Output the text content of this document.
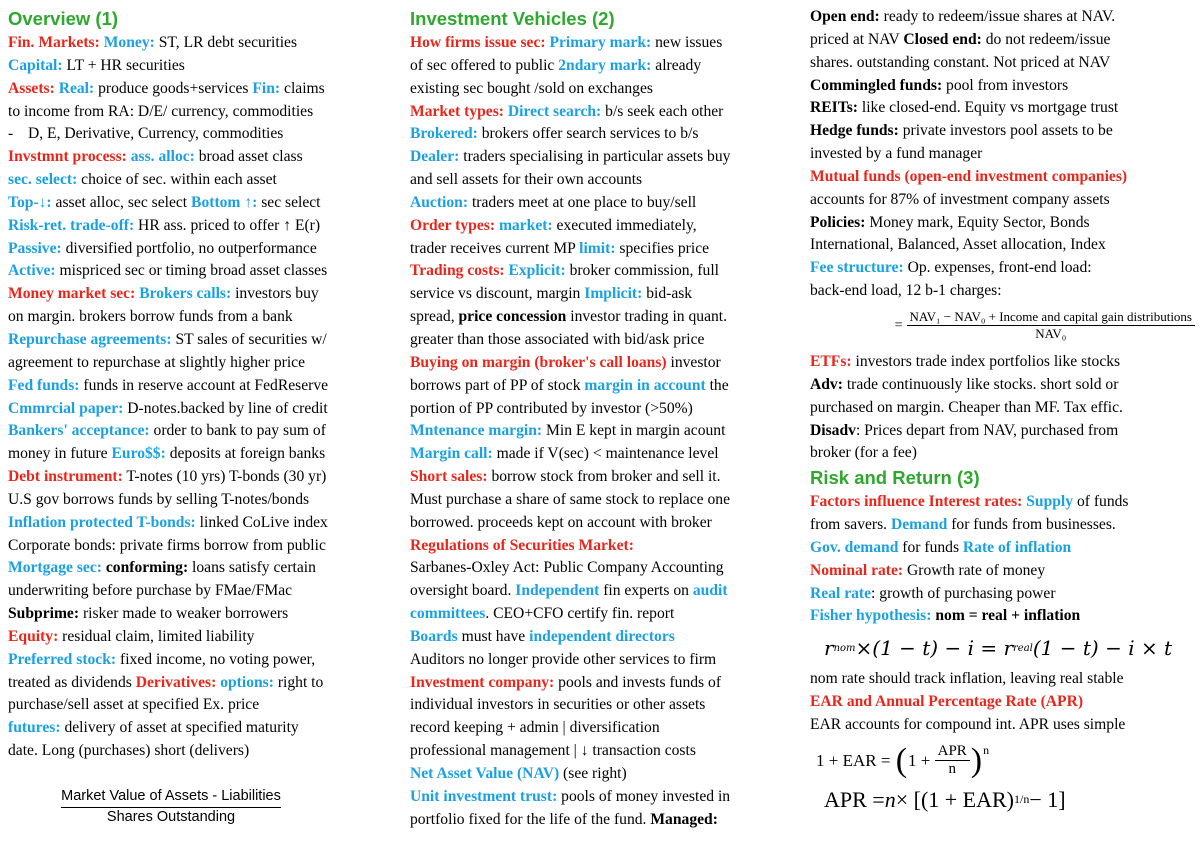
Overview (1)

Fin. Markets: Money: ST, LR debt securities

Capital: LT + HR securities

Assets: Real: produce goods+services Fin: claims

to income from RA: D/E/ currency, commodities

- D, E, Derivative, Currency, commodities

Invstmnt process: ass. alloc: broad asset class

sec. select: choice of sec. within each asset

Top-↓: asset alloc, sec select Bottom ↑: sec select

Risk-ret. trade-off: HR ass. priced to offer ↑ E(r)

Passive: diversified portfolio, no outperformance

Active: mispriced sec or timing broad asset classes

Money market sec: Brokers calls: investors buy

on margin. brokers borrow funds from a bank

Repurchase agreements: ST sales of securities w/

agreement to repurchase at slightly higher price

Fed funds: funds in reserve account at FedReserve

Cmmrcial paper: D-notes.backed by line of credit

Bankers' acceptance: order to bank to pay sum of

money in future Euro$$: deposits at foreign banks

Debt instrument: T-notes (10 yrs) T-bonds (30 yr)

U.S gov borrows funds by selling T-notes/bonds

Inflation protected T-bonds: linked CoLive index

Corporate bonds: private firms borrow from public

Mortgage sec: conforming: loans satisfy certain

underwriting before purchase by FMae/FMac

Subprime: risker made to weaker borrowers

Equity: residual claim, limited liability

Preferred stock: fixed income, no voting power,

treated as dividends Derivatives: options: right to

purchase/sell asset at specified Ex. price

futures: delivery of asset at specified maturity

date. Long (purchases) short (delivers)

Market Value of Assets - Liabilities
Shares Outstanding
Investment Vehicles (2)

How firms issue sec: Primary mark: new issues

of sec offered to public 2ndary mark: already

existing sec bought /sold on exchanges

Market types: Direct search: b/s seek each other

Brokered: brokers offer search services to b/s

Dealer: traders specialising in particular assets buy

and sell assets for their own accounts

Auction: traders meet at one place to buy/sell

Order types: market: executed immediately,

trader receives current MP limit: specifies price

Trading costs: Explicit: broker commission, full

service vs discount, margin Implicit: bid-ask

spread, price concession investor trading in quant.

greater than those associated with bid/ask price

Buying on margin (broker's call loans) investor

borrows part of PP of stock margin in account the

portion of PP contributed by investor (>50%)

Mntenance margin: Min E kept in margin acount

Margin call: made if V(sec) < maintenance level

Short sales: borrow stock from broker and sell it.

Must purchase a share of same stock to replace one

borrowed. proceeds kept on account with broker

Regulations of Securities Market:

Sarbanes-Oxley Act: Public Company Accounting

oversight board. Independent fin experts on audit

committees. CEO+CFO certify fin. report

Boards must have independent directors

Auditors no longer provide other services to firm

Investment company: pools and invests funds of

individual investors in securities or other assets

record keeping + admin | diversification

professional management | ↓ transaction costs

Net Asset Value (NAV) (see right)

Unit investment trust: pools of money invested in

portfolio fixed for the life of the fund. Managed:

Open end: ready to redeem/issue shares at NAV.

priced at NAV Closed end: do not redeem/issue

shares. outstanding constant. Not priced at NAV

Commingled funds: pool from investors

REITs: like closed-end. Equity vs mortgage trust

Hedge funds: private investors pool assets to be

invested by a fund manager

Mutual funds (open-end investment companies)

accounts for 87% of investment company assets

Policies: Money mark, Equity Sector, Bonds

International, Balanced, Asset allocation, Index

Fee structure: Op. expenses, front-end load:

back-end load, 12 b-1 charges:

= $\frac{\text{NAV₁ − NAV₀ + Income and capital gain distributions}}{\text{NAV₀}}$

ETFs: investors trade index portfolios like stocks

Adv: trade continuously like stocks. short sold or

purchased on margin. Cheaper than MF. Tax effic.

Disadv: Prices depart from NAV, purchased from

broker (for a fee)

Risk and Return (3)

Factors influence Interest rates: Supply of funds

from savers. Demand for funds from businesses.

Gov. demand for funds Rate of inflation

Nominal rate: Growth rate of money

Real rate: growth of purchasing power

Fisher hypothesis: nom = real + inflation

r nom ×(1 − t) − i = r real (1 − t) − i × t

nom rate should track inflation, leaving real stable

EAR and Annual Percentage Rate (APR)

EAR accounts for compound int. APR uses simple

1 + EAR =
( 1 +
$\frac{\text{APR}}{n} )^n$
APR = n × [(1 + EAR) 1/n − 1]
